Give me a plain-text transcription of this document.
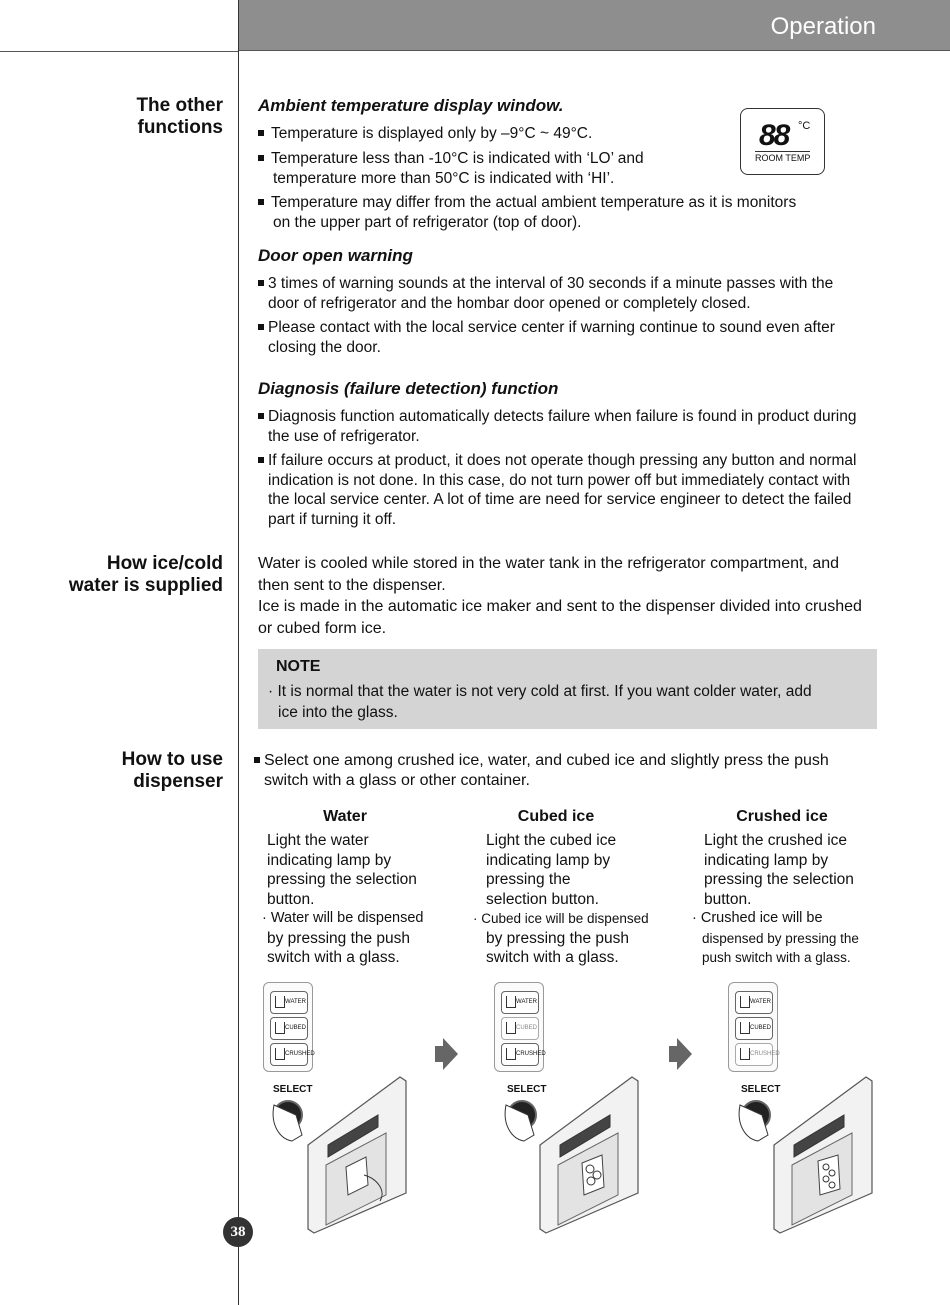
Operation
The other functions
How ice/cold water is supplied
How to use dispenser
Ambient temperature display window.
Temperature is displayed only by –9°C ~ 49°C.
Temperature less than -10°C is indicated with ‘LO’ and
temperature more than 50°C is indicated with ‘HI’.
Temperature may differ from the actual ambient temperature as it is monitors
on the upper part of refrigerator (top of door).
88 °C
ROOM TEMP
Door open warning
3 times of warning sounds at the interval of 30 seconds if a minute passes with the
door of refrigerator and the hombar door opened or completely closed.
Please contact with the local service center if warning continue to sound even after
closing the door.
Diagnosis (failure detection) function
Diagnosis function automatically detects failure when failure is found in product during
the use of refrigerator.
If failure occurs at product, it does not operate though pressing any button and normal
indication is not done. In this case, do not turn power off but immediately contact with
the local service center. A lot of time are need for service engineer to detect the failed
part if turning it off.
Water is cooled while stored in the water tank in the refrigerator compartment, and
then sent to the dispenser.
Ice is made in the automatic ice maker and sent to the dispenser divided into crushed
or cubed form ice.
NOTE
· It is normal that the water is not very cold at first. If you want colder water, add
ice into the glass.
Select one among crushed ice, water, and cubed ice and slightly press the push
switch with a glass or other container.
Water	Cubed ice	Crushed ice
Light the water
indicating lamp by
pressing the selection
button.
· Water will be dispensed
by pressing the push
switch with a glass.
Light the cubed ice
indicating lamp by
pressing the
selection button.
· Cubed ice will be dispensed
by pressing the push
switch with a glass.
Light the crushed ice
indicating lamp by
pressing the selection
button.
· Crushed ice will be
dispensed by pressing the
push switch with a glass.
WATER
CUBED
CRUSHED
SELECT
WATER
CUBED
CRUSHED
SELECT
WATER
CUBED
CRUSHED
SELECT
38
